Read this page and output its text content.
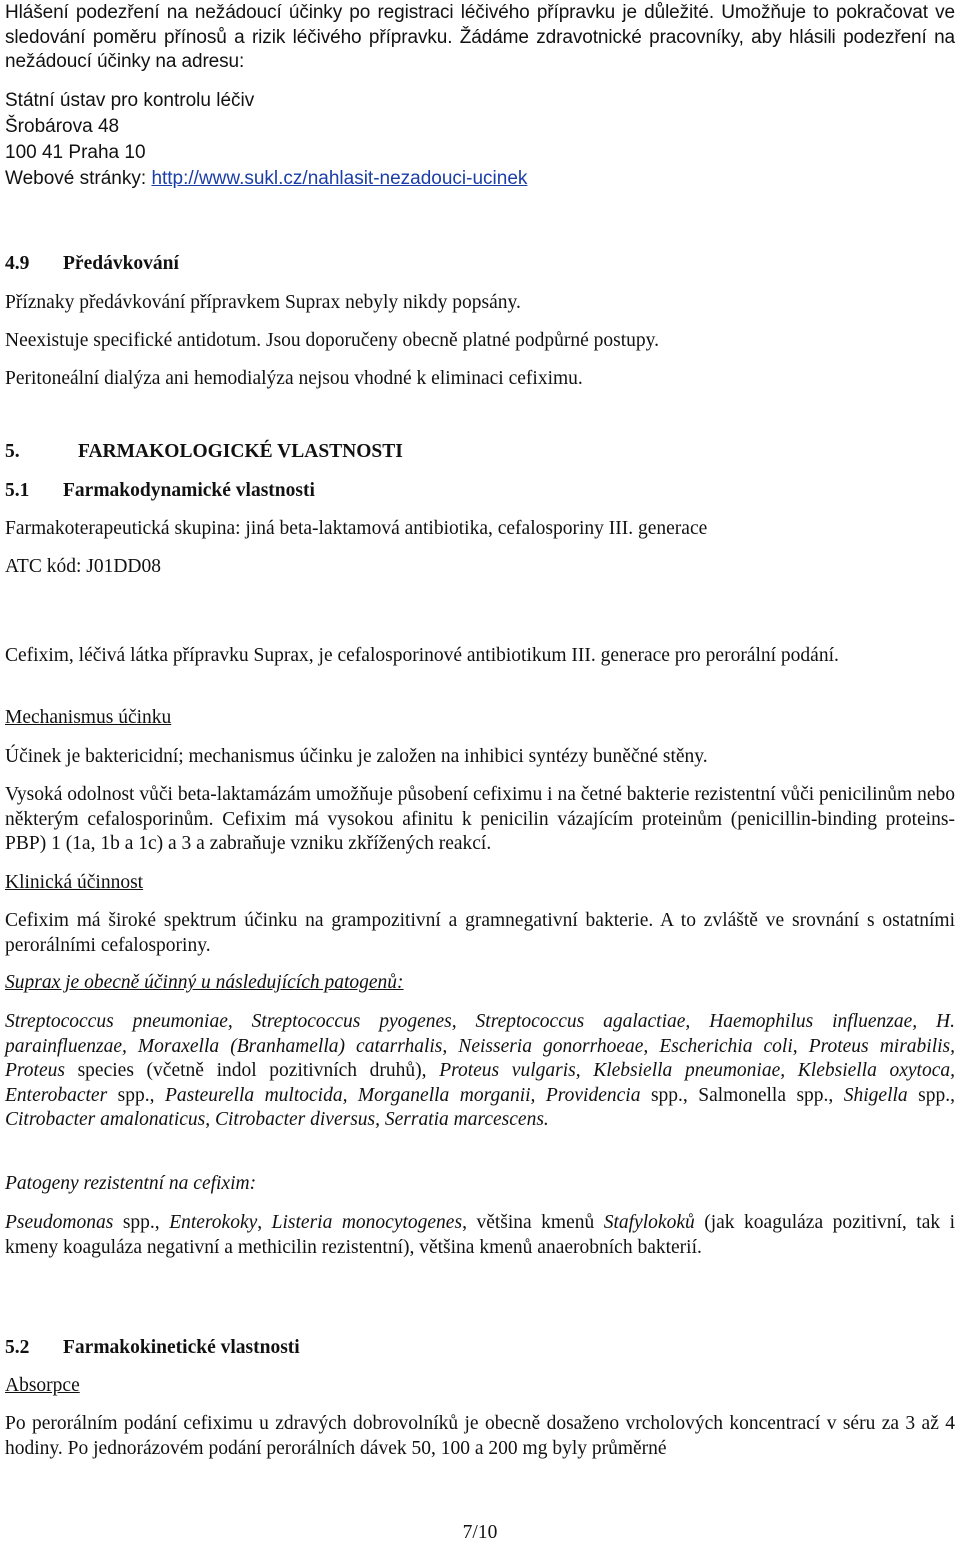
Hlášení podezření na nežádoucí účinky po registraci léčivého přípravku je důležité. Umožňuje to pokračovat ve sledování poměru přínosů a rizik léčivého přípravku. Žádáme zdravotnické pracovníky, aby hlásili podezření na nežádoucí účinky na adresu:

Státní ústav pro kontrolu léčiv

Šrobárova 48

100 41 Praha 10

Webové stránky: http://www.sukl.cz/nahlasit-nezadouci-ucinek

4.9 Předávkování

Příznaky předávkování přípravkem Suprax nebyly nikdy popsány.

Neexistuje specifické antidotum. Jsou doporučeny obecně platné podpůrné postupy.

Peritoneální dialýza ani hemodialýza nejsou vhodné k eliminaci cefiximu.

5.	FARMAKOLOGICKÉ VLASTNOSTI

5.1 Farmakodynamické vlastnosti

Farmakoterapeutická skupina: jiná beta-laktamová antibiotika, cefalosporiny III. generace

ATC kód: J01DD08

Cefixim, léčivá látka přípravku Suprax, je cefalosporinové antibiotikum III. generace pro perorální podání.

Mechanismus účinku

Účinek je baktericidní; mechanismus účinku je založen na inhibici syntézy buněčné stěny.

Vysoká odolnost vůči beta-laktamázám umožňuje působení cefiximu i na četné bakterie rezistentní vůči penicilinům nebo některým cefalosporinům. Cefixim má vysokou afinitu k penicilin vázajícím proteinům (penicillin-binding proteins- PBP) 1 (1a, 1b a 1c) a 3 a zabraňuje vzniku zkřížených reakcí.

Klinická účinnost

Cefixim má široké spektrum účinku na grampozitivní a gramnegativní bakterie. A to zvláště ve srovnání s ostatními perorálními cefalosporiny.

Suprax je obecně účinný u následujících patogenů:

Streptococcus pneumoniae, Streptococcus pyogenes, Streptococcus agalactiae, Haemophilus influenzae, H. parainfluenzae, Moraxella (Branhamella) catarrhalis, Neisseria gonorrhoeae, Escherichia coli, Proteus mirabilis, Proteus species (včetně indol pozitivních druhů), Proteus vulgaris, Klebsiella pneumoniae, Klebsiella oxytoca, Enterobacter spp., Pasteurella multocida, Morganella morganii, Providencia spp., Salmonella spp., Shigella spp., Citrobacter amalonaticus, Citrobacter diversus, Serratia marcescens.

Patogeny rezistentní na cefixim:

Pseudomonas spp., Enterokoky, Listeria monocytogenes, většina kmenů Stafylokoků (jak koaguláza pozitivní, tak i kmeny koaguláza negativní a methicilin rezistentní), většina kmenů anaerobních bakterií.

5.2 Farmakokinetické vlastnosti

Absorpce

Po perorálním podání cefiximu u zdravých dobrovolníků je obecně dosaženo vrcholových koncentrací v séru za 3 až 4 hodiny. Po jednorázovém podání perorálních dávek 50, 100 a 200 mg byly průměrné

7/10
